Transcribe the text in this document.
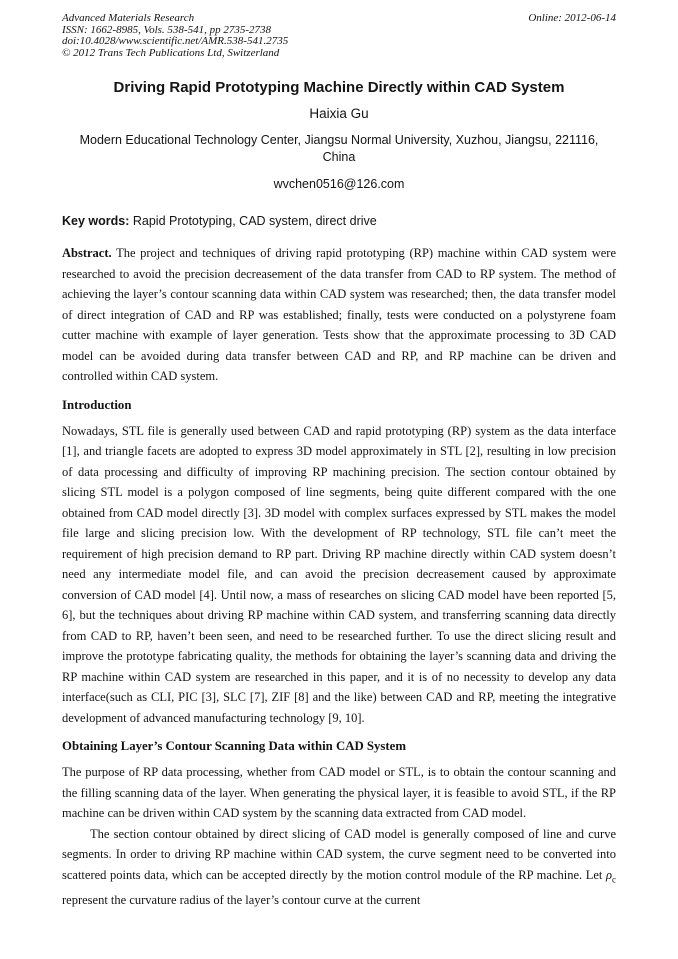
Advanced Materials Research	Online: 2012-06-14
ISSN: 1662-8985, Vols. 538-541, pp 2735-2738
doi:10.4028/www.scientific.net/AMR.538-541.2735
© 2012 Trans Tech Publications Ltd, Switzerland
Driving Rapid Prototyping Machine Directly within CAD System
Haixia Gu
Modern Educational Technology Center, Jiangsu Normal University, Xuzhou, Jiangsu, 221116, China
wvchen0516@126.com

Key words: Rapid Prototyping, CAD system, direct drive

Abstract. The project and techniques of driving rapid prototyping (RP) machine within CAD system were researched to avoid the precision decreasement of the data transfer from CAD to RP system. The method of achieving the layer’s contour scanning data within CAD system was researched; then, the data transfer model of direct integration of CAD and RP was established; finally, tests were conducted on a polystyrene foam cutter machine with example of layer generation. Tests show that the approximate processing to 3D CAD model can be avoided during data transfer between CAD and RP, and RP machine can be driven and controlled within CAD system.

Introduction

Nowadays, STL file is generally used between CAD and rapid prototyping (RP) system as the data interface [1], and triangle facets are adopted to express 3D model approximately in STL [2], resulting in low precision of data processing and difficulty of improving RP machining precision. The section contour obtained by slicing STL model is a polygon composed of line segments, being quite different compared with the one obtained from CAD model directly [3]. 3D model with complex surfaces expressed by STL makes the model file large and slicing precision low. With the development of RP technology, STL file can’t meet the requirement of high precision demand to RP part. Driving RP machine directly within CAD system doesn’t need any intermediate model file, and can avoid the precision decreasement caused by approximate conversion of CAD model [4]. Until now, a mass of researches on slicing CAD model have been reported [5, 6], but the techniques about driving RP machine within CAD system, and transferring scanning data directly from CAD to RP, haven’t been seen, and need to be researched further. To use the direct slicing result and improve the prototype fabricating quality, the methods for obtaining the layer’s scanning data and driving the RP machine within CAD system are researched in this paper, and it is of no necessity to develop any data interface(such as CLI, PIC [3], SLC [7], ZIF [8] and the like) between CAD and RP, meeting the integrative development of advanced manufacturing technology [9, 10].

Obtaining Layer’s Contour Scanning Data within CAD System

The purpose of RP data processing, whether from CAD model or STL, is to obtain the contour scanning and the filling scanning data of the layer. When generating the physical layer, it is feasible to avoid STL, if the RP machine can be driven within CAD system by the scanning data extracted from CAD model.

The section contour obtained by direct slicing of CAD model is generally composed of line and curve segments. In order to driving RP machine within CAD system, the curve segment need to be converted into scattered points data, which can be accepted directly by the motion control module of the RP machine. Let $\rho_c$ represent the curvature radius of the layer’s contour curve at the current
